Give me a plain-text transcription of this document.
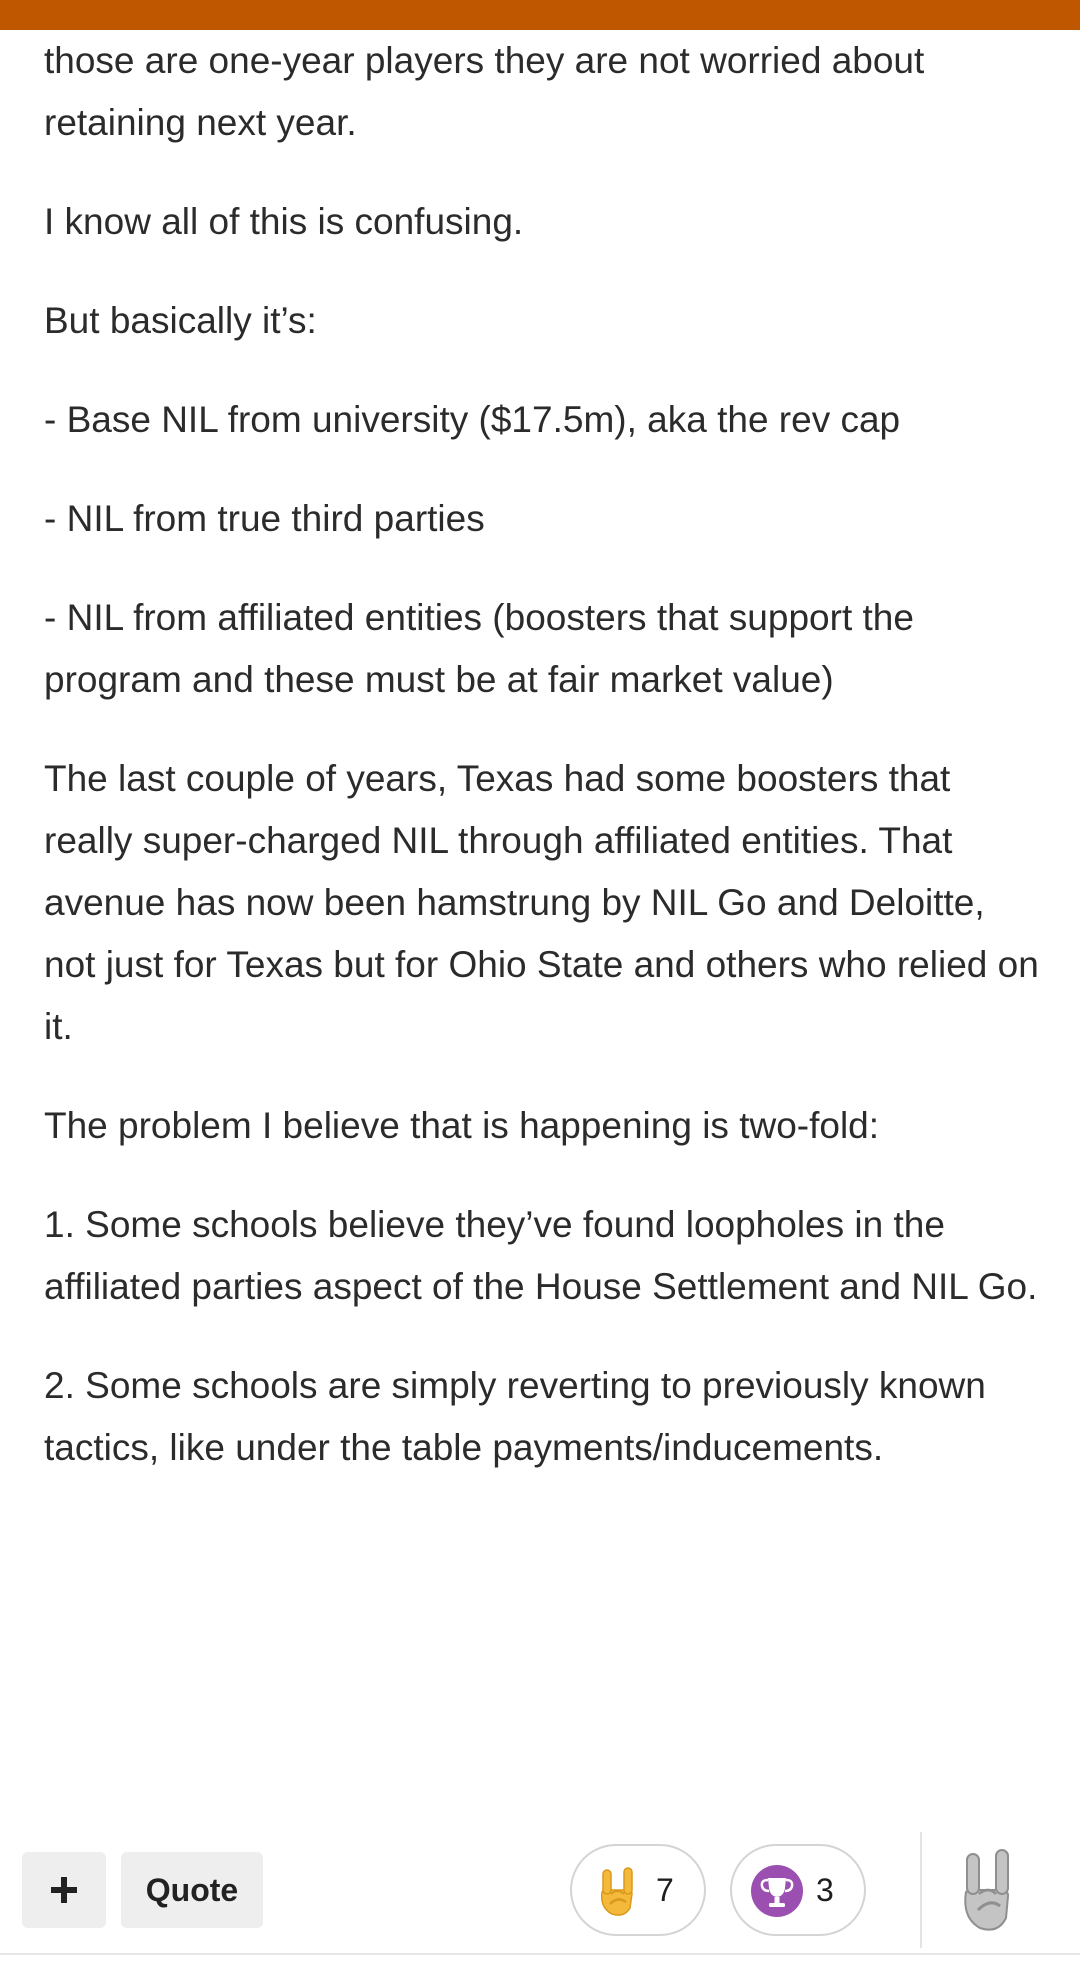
those are one-year players they are not worried about retaining next year.

I know all of this is confusing.

But basically it’s:

- Base NIL from university ($17.5m), aka the rev cap

- NIL from true third parties

- NIL from affiliated entities (boosters that support the program and these must be at fair market value)

The last couple of years, Texas had some boosters that really super-charged NIL through affiliated entities. That avenue has now been hamstrung by NIL Go and Deloitte, not just for Texas but for Ohio State and others who relied on it.

The problem I believe that is happening is two-fold:

1. Some schools believe they’ve found loopholes in the affiliated parties aspect of the House Settlement and NIL Go.

2. Some schools are simply reverting to previously known tactics, like under the table payments/inducements.

Quote	7	3
